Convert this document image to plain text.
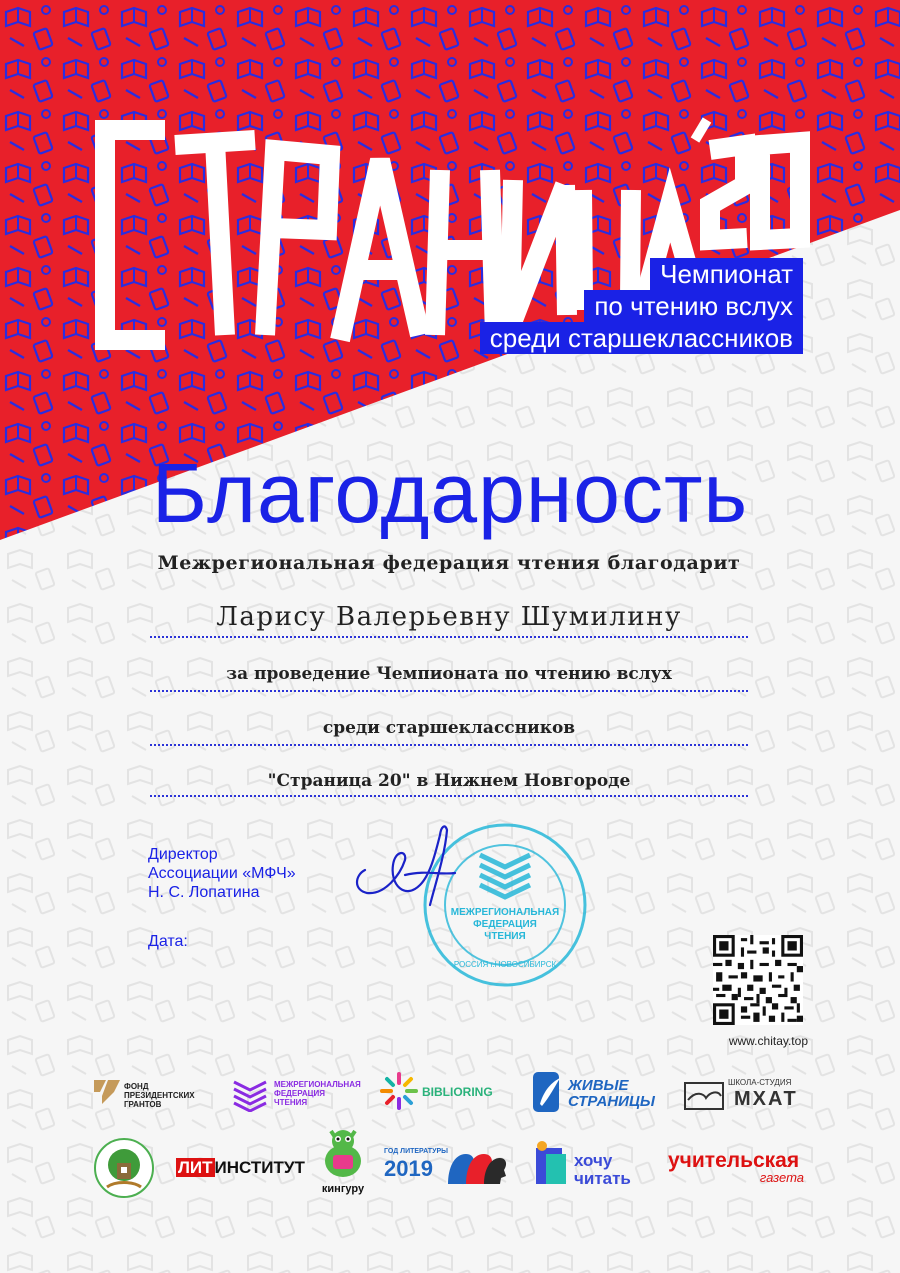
Чемпионат
по чтению вслух
среди старшеклассников
Благодарность
Межрегиональная федерация чтения благодарит
Ларису Валерьевну Шумилину
за проведение Чемпионата по чтению вслух
среди старшеклассников
"Страница 20" в Нижнем Новгороде
Директор
Ассоциации «МФЧ»
Н. С. Лопатина
Дата:
МЕЖРЕГИОНАЛЬНАЯ
ФЕДЕРАЦИЯ
ЧТЕНИЯ
РОССИЯ г.НОВОСИБИРСК
www.chitay.top
ФОНД
ПРЕЗИДЕНТСКИХ
ГРАНТОВ
МЕЖРЕГИОНАЛЬНАЯ
ФЕДЕРАЦИЯ
ЧТЕНИЯ
BIBLIORING	ЖИВЫЕ
СТРАНИЦЫ
ШКОЛА-СТУДИЯ
МХАТ
ЛИТ ИНСТИТУТ
кингуру
ГОД ЛИТЕРАТУРЫ
2019	хочу
читать
учительская
газета
